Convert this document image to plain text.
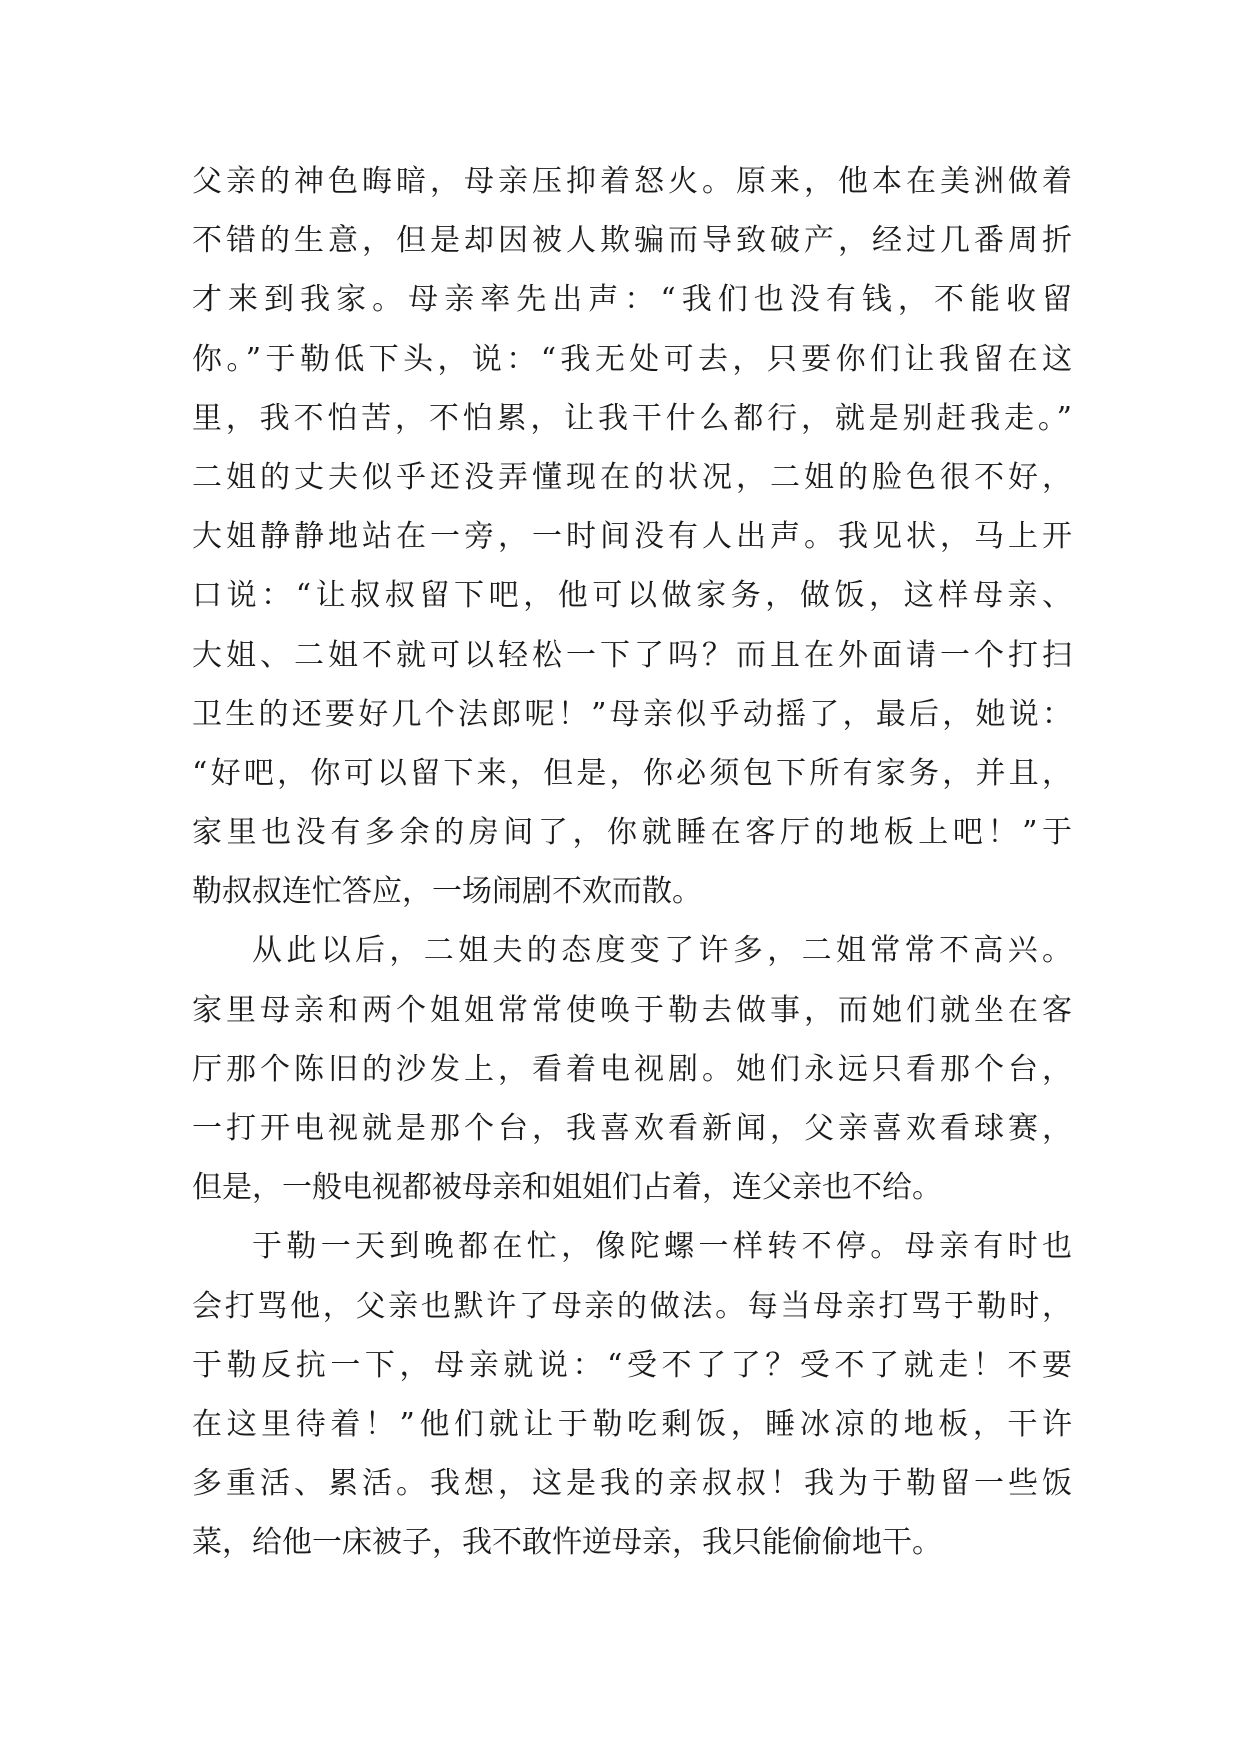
父亲的神色晦暗，母亲压抑着怒火。原来，他本在美洲做着
不错的生意，但是却因被人欺骗而导致破产，经过几番周折
才来到我家。母亲率先出声：“我们也没有钱，不能收留
你。”于勒低下头，说：“我无处可去，只要你们让我留在这
里，我不怕苦，不怕累，让我干什么都行，就是别赶我走。”
二姐的丈夫似乎还没弄懂现在的状况，二姐的脸色很不好，
大姐静静地站在一旁，一时间没有人出声。我见状，马上开
口说：“让叔叔留下吧，他可以做家务，做饭，这样母亲、
大姐、二姐不就可以轻松一下了吗？而且在外面请一个打扫
卫生的还要好几个法郎呢！”母亲似乎动摇了，最后，她说：
“好吧，你可以留下来，但是，你必须包下所有家务，并且，
家里也没有多余的房间了，你就睡在客厅的地板上吧！”于
勒叔叔连忙答应，一场闹剧不欢而散。
从此以后，二姐夫的态度变了许多，二姐常常不高兴。
家里母亲和两个姐姐常常使唤于勒去做事，而她们就坐在客
厅那个陈旧的沙发上，看着电视剧。她们永远只看那个台，
一打开电视就是那个台，我喜欢看新闻，父亲喜欢看球赛，
但是，一般电视都被母亲和姐姐们占着，连父亲也不给。
于勒一天到晚都在忙，像陀螺一样转不停。母亲有时也
会打骂他，父亲也默许了母亲的做法。每当母亲打骂于勒时，
于勒反抗一下，母亲就说：“受不了了？受不了就走！不要
在这里待着！”他们就让于勒吃剩饭，睡冰凉的地板，干许
多重活、累活。我想，这是我的亲叔叔！我为于勒留一些饭
菜，给他一床被子，我不敢忤逆母亲，我只能偷偷地干。
